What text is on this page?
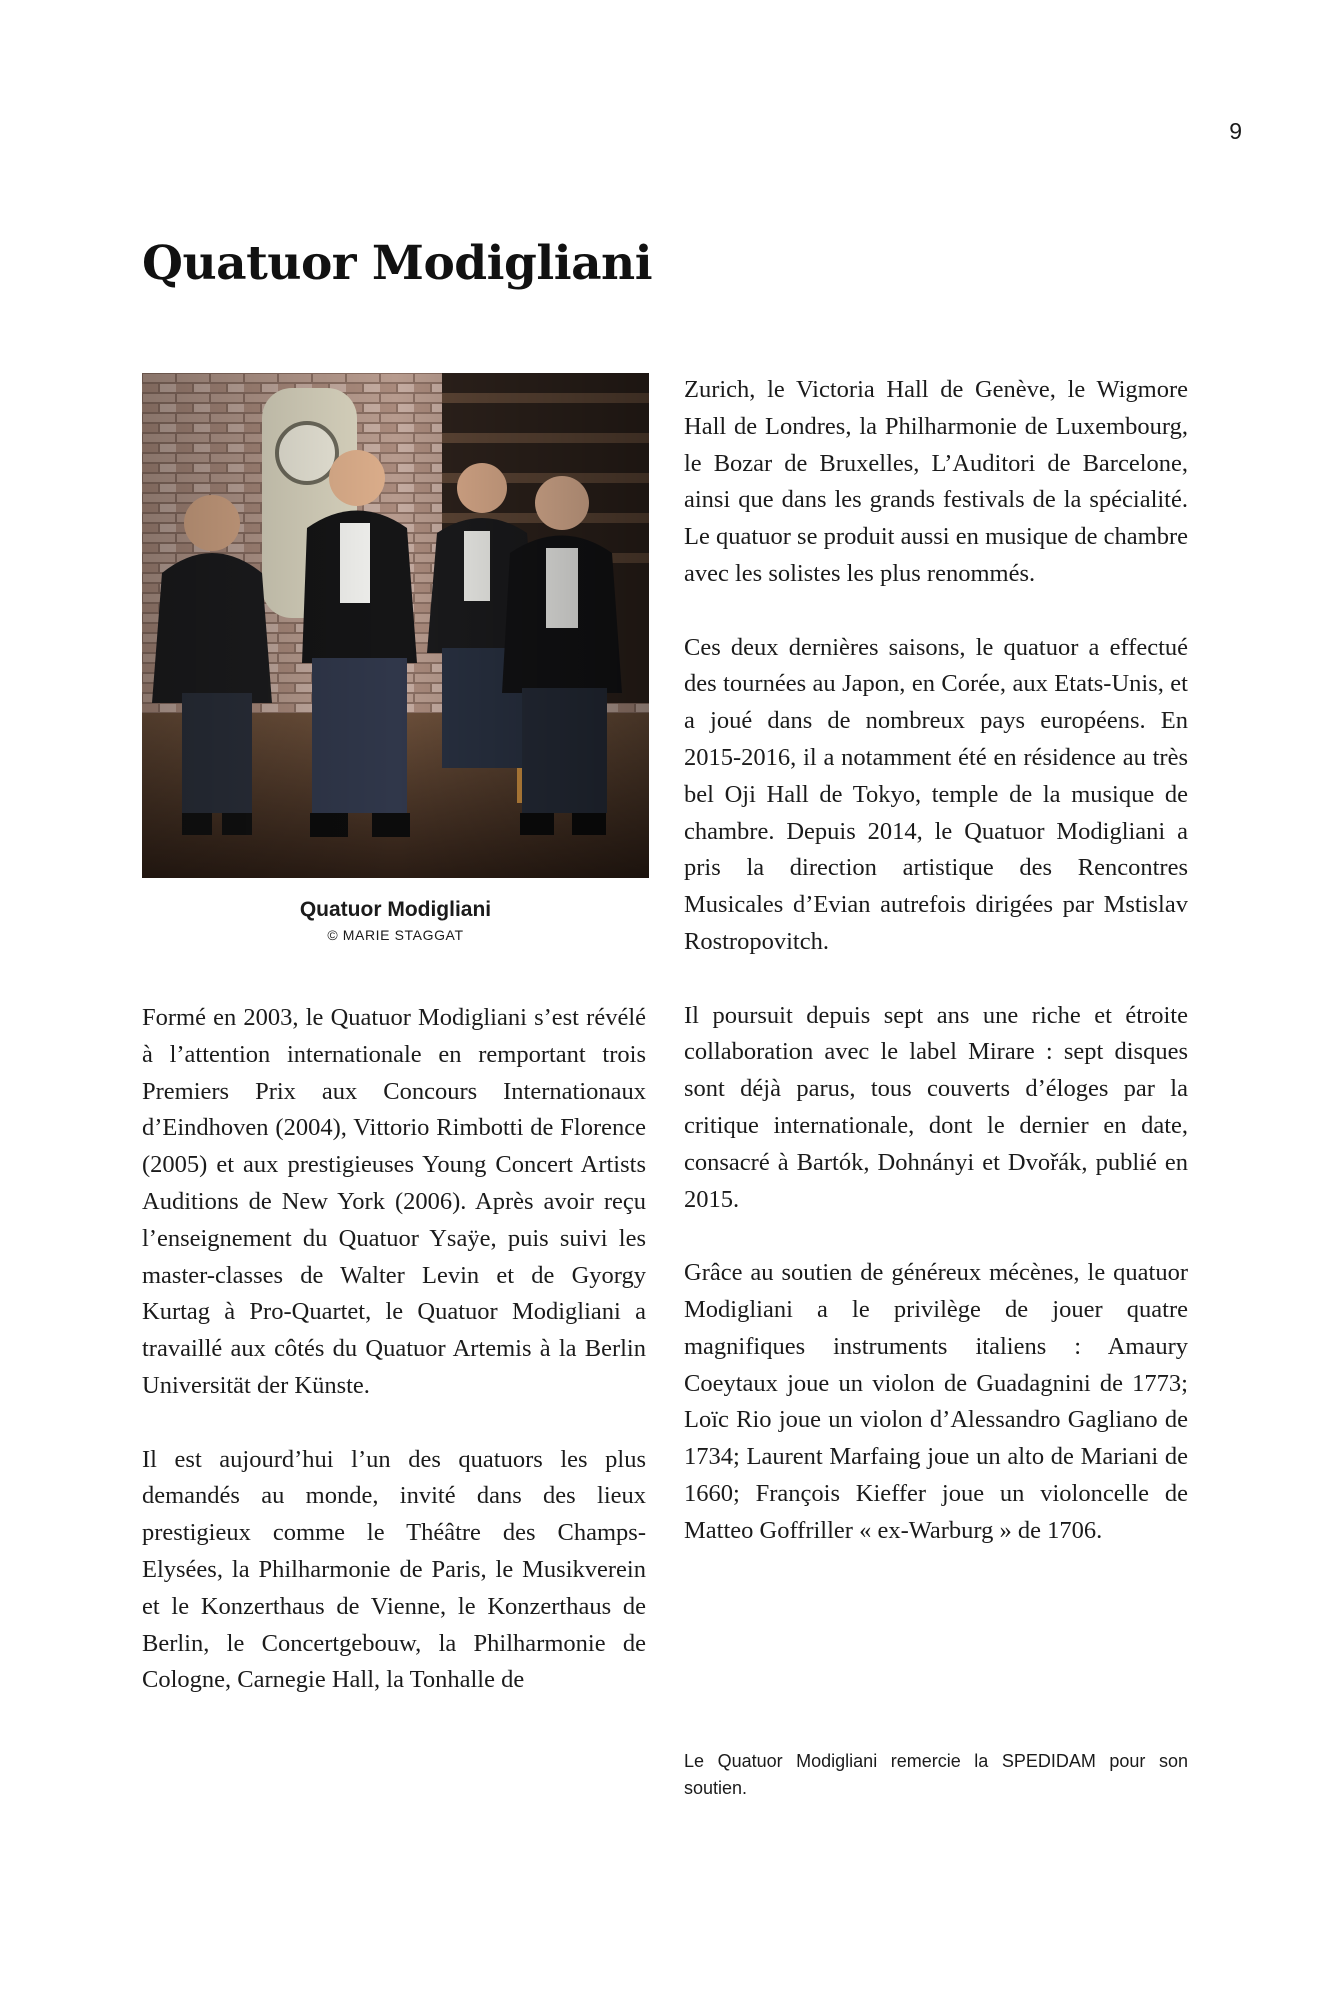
9
Quatuor Modigliani
Quatuor Modigliani
© MARIE STAGGAT

Formé en 2003, le Quatuor Modigliani s’est révélé à l’attention internationale en remportant trois Premiers Prix aux Concours Internationaux d’Eindhoven (2004), Vittorio Rimbotti de Florence (2005) et aux prestigieuses Young Concert Artists Auditions de New York (2006). Après avoir reçu l’enseignement du Quatuor Ysaÿe, puis suivi les master-classes de Walter Levin et de Gyorgy Kurtag à Pro-Quartet, le Quatuor Modigliani a travaillé aux côtés du Quatuor Artemis à la Berlin Universität der Künste.

Il est aujourd’hui l’un des quatuors les plus demandés au monde, invité dans des lieux prestigieux comme le Théâtre des Champs-Elysées, la Philharmonie de Paris, le Musikverein et le Konzerthaus de Vienne, le Konzerthaus de Berlin, le Concertgebouw, la Philharmonie de Cologne, Carnegie Hall, la Tonhalle de

Zurich, le Victoria Hall de Genève, le Wigmore Hall de Londres, la Philharmonie de Luxembourg, le Bozar de Bruxelles, L’Auditori de Barcelone, ainsi que dans les grands festivals de la spécialité. Le quatuor se produit aussi en musique de chambre avec les solistes les plus renommés.

Ces deux dernières saisons, le quatuor a effectué des tournées au Japon, en Corée, aux Etats-Unis, et a joué dans de nombreux pays européens. En 2015-2016, il a notamment été en résidence au très bel Oji Hall de Tokyo, temple de la musique de chambre. Depuis 2014, le Quatuor Modigliani a pris la direction artistique des Rencontres Musicales d’Evian autrefois dirigées par Mstislav Rostropovitch.

Il poursuit depuis sept ans une riche et étroite collaboration avec le label Mirare : sept disques sont déjà parus, tous couverts d’éloges par la critique internationale, dont le dernier en date, consacré à Bartók, Dohnányi et Dvořák, publié en 2015.

Grâce au soutien de généreux mécènes, le quatuor Modigliani a le privilège de jouer quatre magnifiques instruments italiens : Amaury Coeytaux joue un violon de Guadagnini de 1773; Loïc Rio joue un violon d’Alessandro Gagliano de 1734; Laurent Marfaing joue un alto de Mariani de 1660; François Kieffer joue un violoncelle de Matteo Goffriller « ex-Warburg » de 1706.

Le Quatuor Modigliani remercie la SPEDIDAM pour son soutien.
